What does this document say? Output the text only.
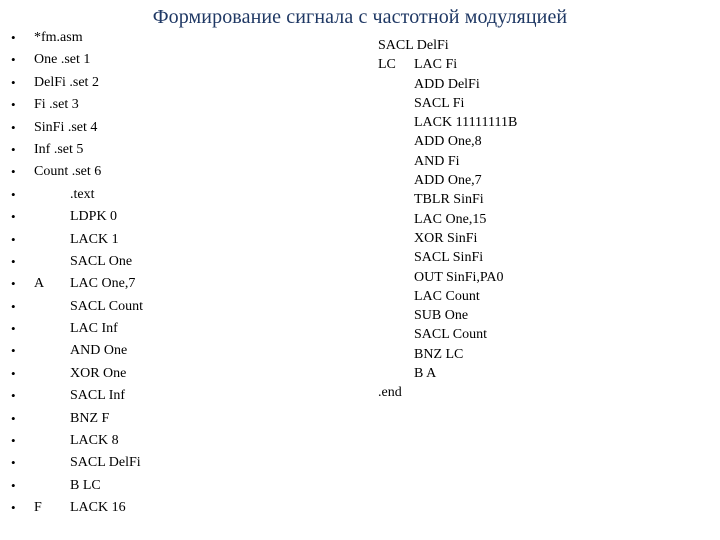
Формирование сигнала с частотной модуляцией
• *fm.asm
• One .set 1
• DelFi .set 2
• Fi .set 3
• SinFi .set 4
• Inf .set 5
• Count .set 6
•	.text
•	LDPK 0
•	LACK 1
•	SACL One
• A LAC One,7
•	SACL Count
•	LAC Inf
•	AND One
•	XOR One
•	SACL Inf
•	BNZ F
•	LACK 8
•	SACL DelFi
•	B LC
• F LACK 16
SACL DelFi
LC LAC Fi
ADD DelFi
SACL Fi
LACK 11111111B
ADD One,8
AND Fi
ADD One,7
TBLR SinFi
LAC One,15
XOR SinFi
SACL SinFi
OUT SinFi,PA0
LAC Count
SUB One
SACL Count
BNZ LC
B A
.end
